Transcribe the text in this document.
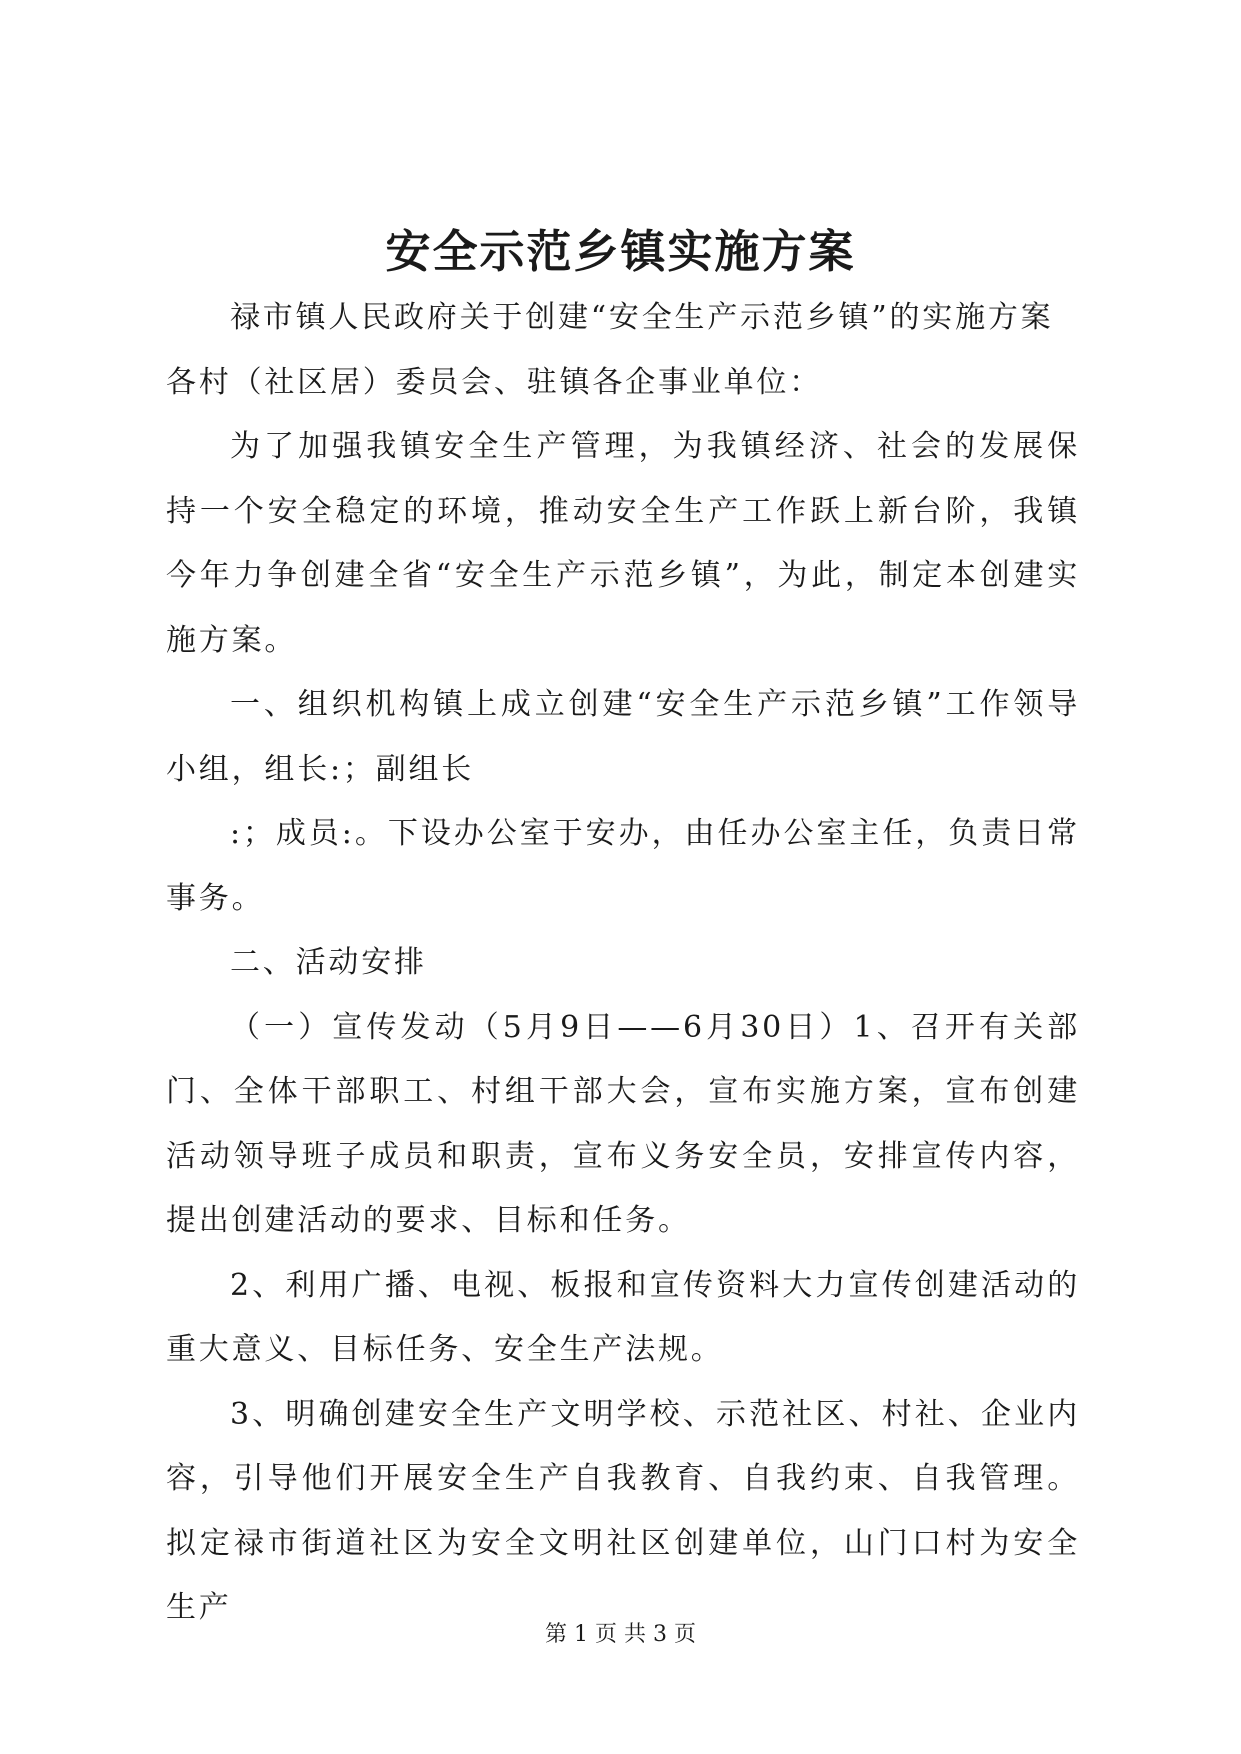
安全示范乡镇实施方案

禄市镇人民政府关于创建“安全生产示范乡镇”的实施方案

各村（社区居）委员会、驻镇各企事业单位：

为了加强我镇安全生产管理，为我镇经济、社会的发展保持一个安全稳定的环境，推动安全生产工作跃上新台阶，我镇今年力争创建全省“安全生产示范乡镇”，为此，制定本创建实施方案。

一、组织机构镇上成立创建“安全生产示范乡镇”工作领导小组，组长:；副组长

:；成员:。下设办公室于安办，由任办公室主任，负责日常事务。

二、活动安排

（一）宣传发动（5月9日——6月30日）1、召开有关部门、全体干部职工、村组干部大会，宣布实施方案，宣布创建活动领导班子成员和职责，宣布义务安全员，安排宣传内容，提出创建活动的要求、目标和任务。

2、利用广播、电视、板报和宣传资料大力宣传创建活动的重大意义、目标任务、安全生产法规。

3、明确创建安全生产文明学校、示范社区、村社、企业内容，引导他们开展安全生产自我教育、自我约束、自我管理。拟定禄市街道社区为安全文明社区创建单位，山门口村为安全生产

第 1 页 共 3 页
